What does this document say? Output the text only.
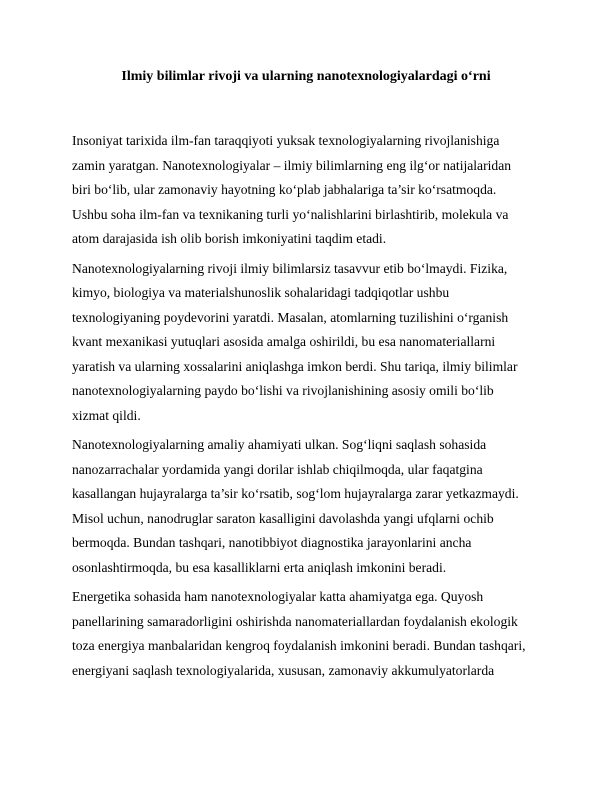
Ilmiy bilimlar rivoji va ularning nanotexnologiyalardagi o‘rni

Insoniyat tarixida ilm-fan taraqqiyoti yuksak texnologiyalarning rivojlanishiga
zamin yaratgan. Nanotexnologiyalar – ilmiy bilimlarning eng ilg‘or natijalaridan
biri bo‘lib, ular zamonaviy hayotning ko‘plab jabhalariga ta’sir ko‘rsatmoqda.
Ushbu soha ilm-fan va texnikaning turli yo‘nalishlarini birlashtirib, molekula va
atom darajasida ish olib borish imkoniyatini taqdim etadi.

Nanotexnologiyalarning rivoji ilmiy bilimlarsiz tasavvur etib bo‘lmaydi. Fizika,
kimyo, biologiya va materialshunoslik sohalaridagi tadqiqotlar ushbu
texnologiyaning poydevorini yaratdi. Masalan, atomlarning tuzilishini o‘rganish
kvant mexanikasi yutuqlari asosida amalga oshirildi, bu esa nanomateriallarni
yaratish va ularning xossalarini aniqlashga imkon berdi. Shu tariqa, ilmiy bilimlar
nanotexnologiyalarning paydo bo‘lishi va rivojlanishining asosiy omili bo‘lib
xizmat qildi.

Nanotexnologiyalarning amaliy ahamiyati ulkan. Sog‘liqni saqlash sohasida
nanozarrachalar yordamida yangi dorilar ishlab chiqilmoqda, ular faqatgina
kasallangan hujayralarga ta’sir ko‘rsatib, sog‘lom hujayralarga zarar yetkazmaydi.
Misol uchun, nanodruglar saraton kasalligini davolashda yangi ufqlarni ochib
bermoqda. Bundan tashqari, nanotibbiyot diagnostika jarayonlarini ancha
osonlashtirmoqda, bu esa kasalliklarni erta aniqlash imkonini beradi.

Energetika sohasida ham nanotexnologiyalar katta ahamiyatga ega. Quyosh
panellarining samaradorligini oshirishda nanomateriallardan foydalanish ekologik
toza energiya manbalaridan kengroq foydalanish imkonini beradi. Bundan tashqari,
energiyani saqlash texnologiyalarida, xususan, zamonaviy akkumulyatorlarda
